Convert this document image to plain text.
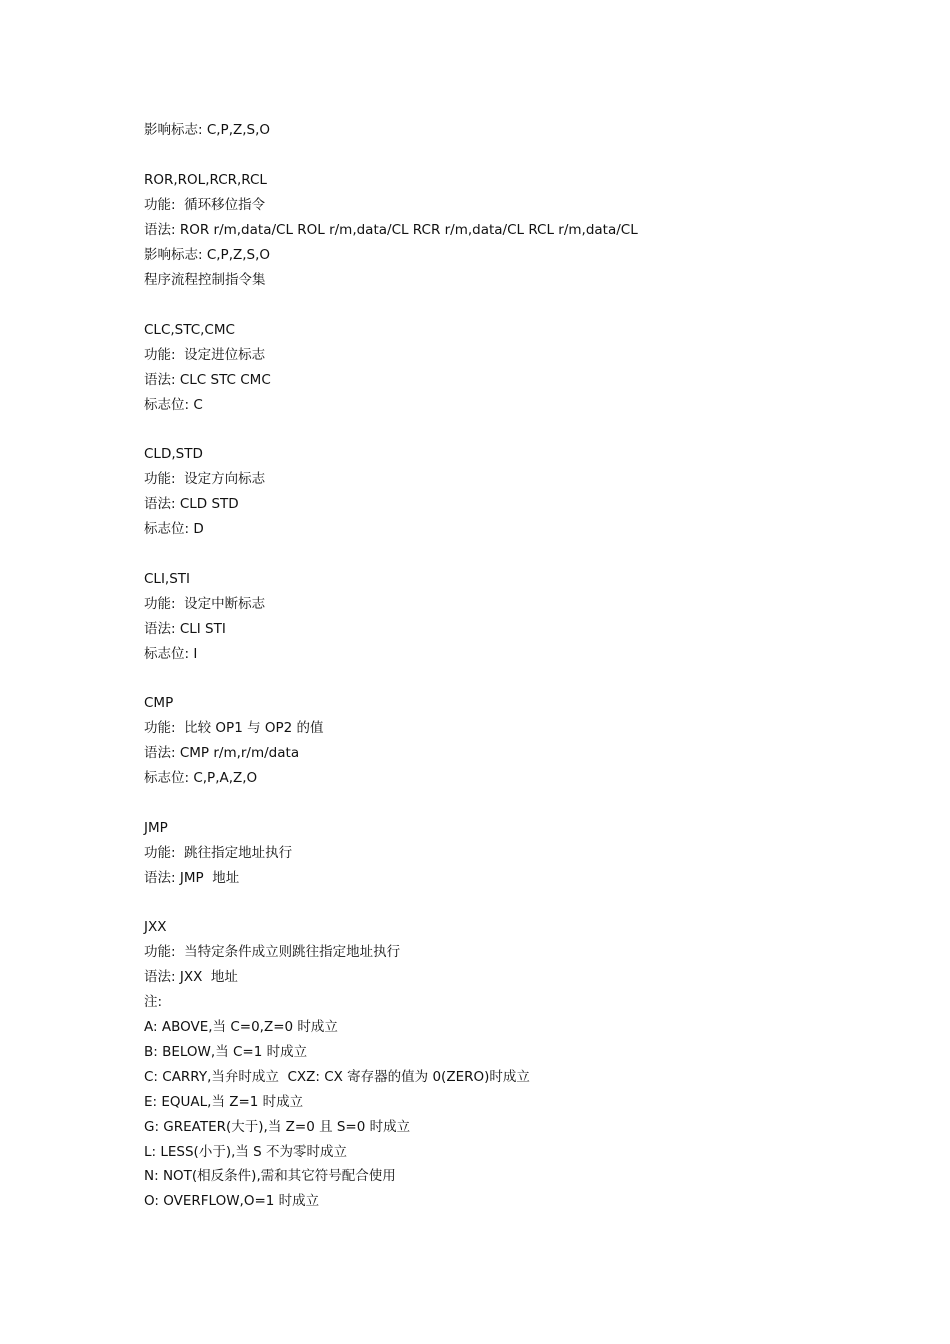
影响标志: C,P,Z,S,O
ROR,ROL,RCR,RCL
功能:  循环移位指令
语法: ROR r/m,data/CL ROL r/m,data/CL RCR r/m,data/CL RCL r/m,data/CL
影响标志: C,P,Z,S,O
程序流程控制指令集
CLC,STC,CMC
功能:  设定进位标志
语法: CLC STC CMC
标志位: C
CLD,STD
功能:  设定方向标志
语法: CLD STD
标志位: D
CLI,STI
功能:  设定中断标志
语法: CLI STI
标志位: I
CMP
功能:  比较 OP1 与 OP2 的值
语法: CMP r/m,r/m/data
标志位: C,P,A,Z,O
JMP
功能:  跳往指定地址执行
语法: JMP  地址
JXX
功能:  当特定条件成立则跳往指定地址执行
语法: JXX  地址
注:
A: ABOVE,当 C=0,Z=0 时成立
B: BELOW,当 C=1 时成立
C: CARRY,当弁时成立  CXZ: CX 寄存器的值为 0(ZERO)时成立
E: EQUAL,当 Z=1 时成立
G: GREATER(大于),当 Z=0 且 S=0 时成立
L: LESS(小于),当 S 不为零时成立
N: NOT(相反条件),需和其它符号配合使用
O: OVERFLOW,O=1 时成立
